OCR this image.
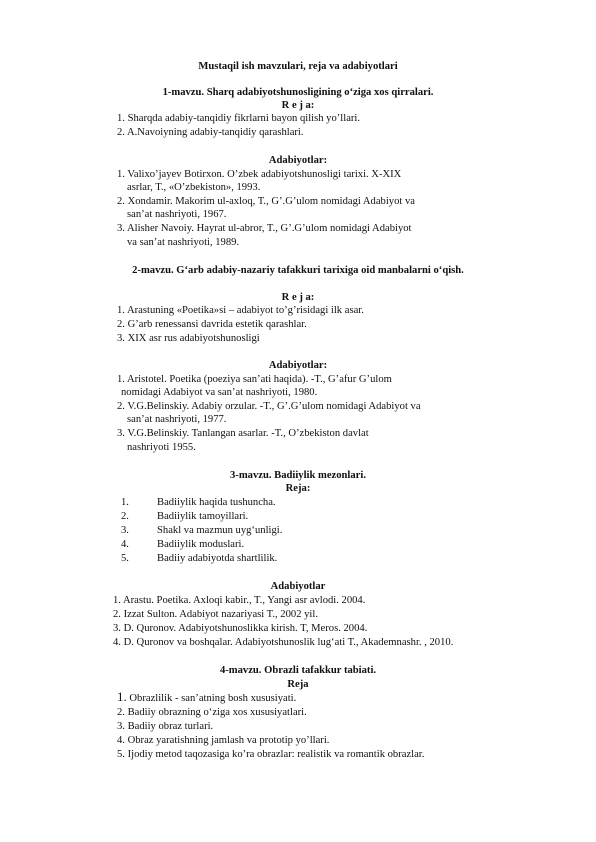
Mustaqil ish mavzulari, reja va adabiyotlari
1-mavzu. Sharq adabiyotshunosligining o‘ziga xos qirralari.
R e j a:
1. Sharqda adabiy-tanqidiy fikrlarni bayon qilish yo’llari.
2. A.Navoiyning adabiy-tanqidiy qarashlari.
Adabiyotlar:
1. Valixo’jayev Botirxon. O’zbek adabiyotshunosligi tarixi. X-XIX
asrlar, T., «O’zbekiston», 1993.
2. Xondamir. Makorim ul-axloq, T., G’.G’ulom nomidagi Adabiyot va
san’at nashriyoti, 1967.
3. Alisher Navoiy. Hayrat ul-abror, T., G’.G’ulom nomidagi Adabiyot
va san’at nashriyoti, 1989.
2-mavzu. G‘arb adabiy-nazariy tafakkuri tarixiga oid manbalarni o‘qish.
R e j a:
1. Arastuning «Poetika»si – adabiyot to’g’risidagi ilk asar.
2. G’arb renessansi davrida estetik qarashlar.
3. XIX asr rus adabiyotshunosligi
Adabiyotlar:
1. Aristotel. Poetika (poeziya san’ati haqida). -T., G’afur G’ulom
nomidagi Adabiyot va san’at nashriyoti, 1980.
2. V.G.Belinskiy. Adabiy orzular. -T., G’.G’ulom nomidagi Adabiyot va
san’at nashriyoti, 1977.
3. V.G.Belinskiy. Tanlangan asarlar. -T., O’zbekiston davlat
nashriyoti 1955.
3-mavzu. Badiiylik mezonlari.
Reja:
1.	Badiiylik haqida tushuncha.
2.	Badiiylik tamoyillari.
3.	Shakl va mazmun uyg‘unligi.
4.	Badiiylik moduslari.
5.	Badiiy adabiyotda shartlilik.
Adabiyotlar
1. Arastu. Poetika. Axloqi kabir., T., Yangi asr avlodi. 2004.
2. Izzat Sulton. Adabiyot nazariyasi T., 2002 yil.
3. D. Quronov. Adabiyotshunoslikka kirish. T, Meros. 2004.
4. D. Quronov va boshqalar. Adabiyotshunoslik lug‘ati T., Akademnashr. , 2010.
4-mavzu. Obrazli tafakkur tabiati.
Reja
1. Obrazlilik - san’atning bosh xususiyati.
2. Badiiy obrazning o‘ziga xos xususiyatlari.
3. Badiiy obraz turlari.
4. Obraz yaratishning jamlash va prototip yo’llari.
5. Ijodiy metod taqozasiga ko’ra obrazlar: realistik va romantik obrazlar.
